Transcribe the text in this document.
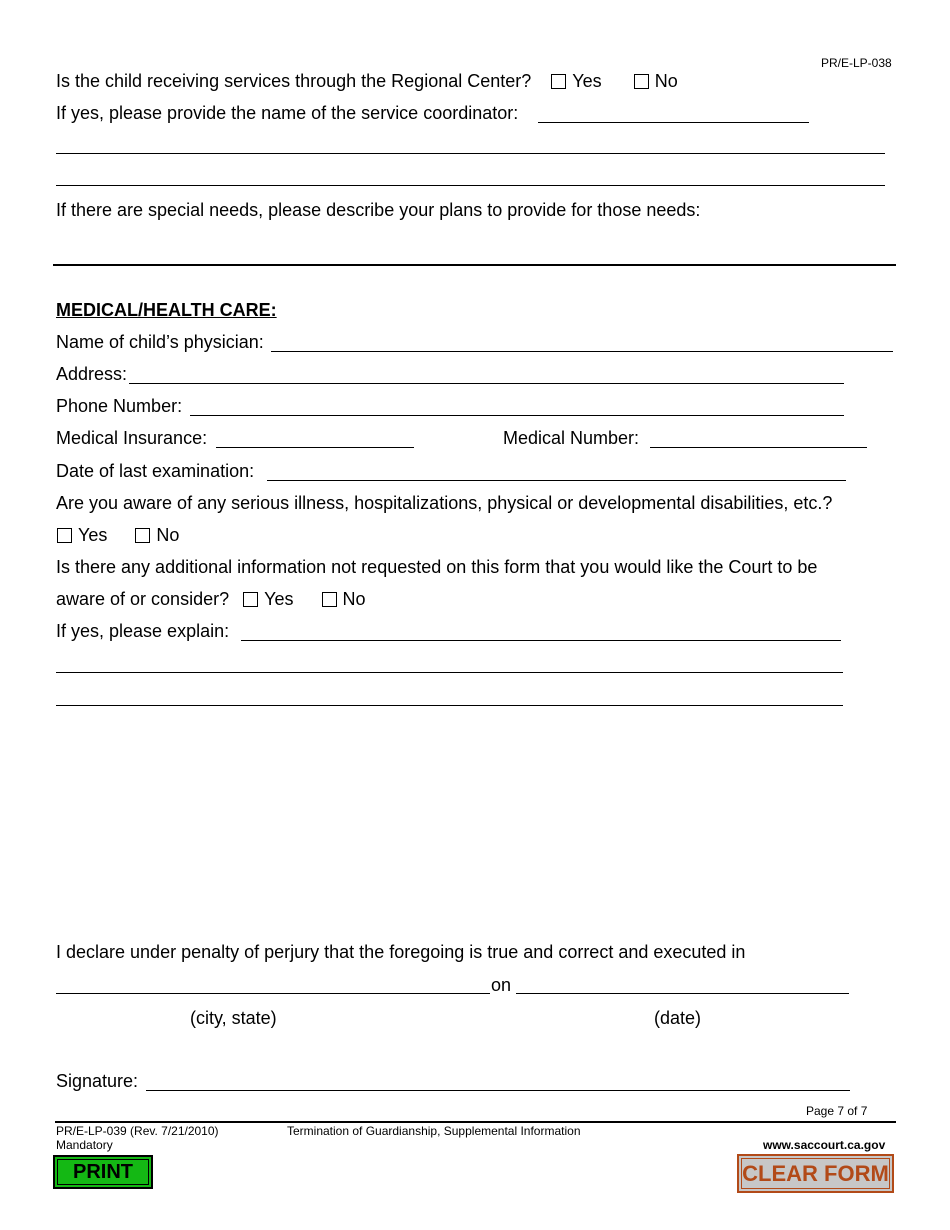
PR/E-LP-038
Is the child receiving services through the Regional Center? Yes	No
If yes, please provide the name of the service coordinator:
If there are special needs, please describe your plans to provide for those needs:
MEDICAL/HEALTH CARE:
Name of child’s physician:
Address:
Phone Number:
Medical Insurance:	Medical Number:
Date of last examination:
Are you aware of any serious illness, hospitalizations, physical or developmental disabilities, etc.?
Yes	No
Is there any additional information not requested on this form that you would like the Court to be
aware of or consider? Yes	No
If yes, please explain:
I declare under penalty of perjury that the foregoing is true and correct and executed in
on
(city, state)	(date)
Signature:
Page 7 of 7
PR/E-LP-039 (Rev. 7/21/2010)
Mandatory
Termination of Guardianship, Supplemental Information
www.saccourt.ca.gov
PRINT	CLEAR FORM
